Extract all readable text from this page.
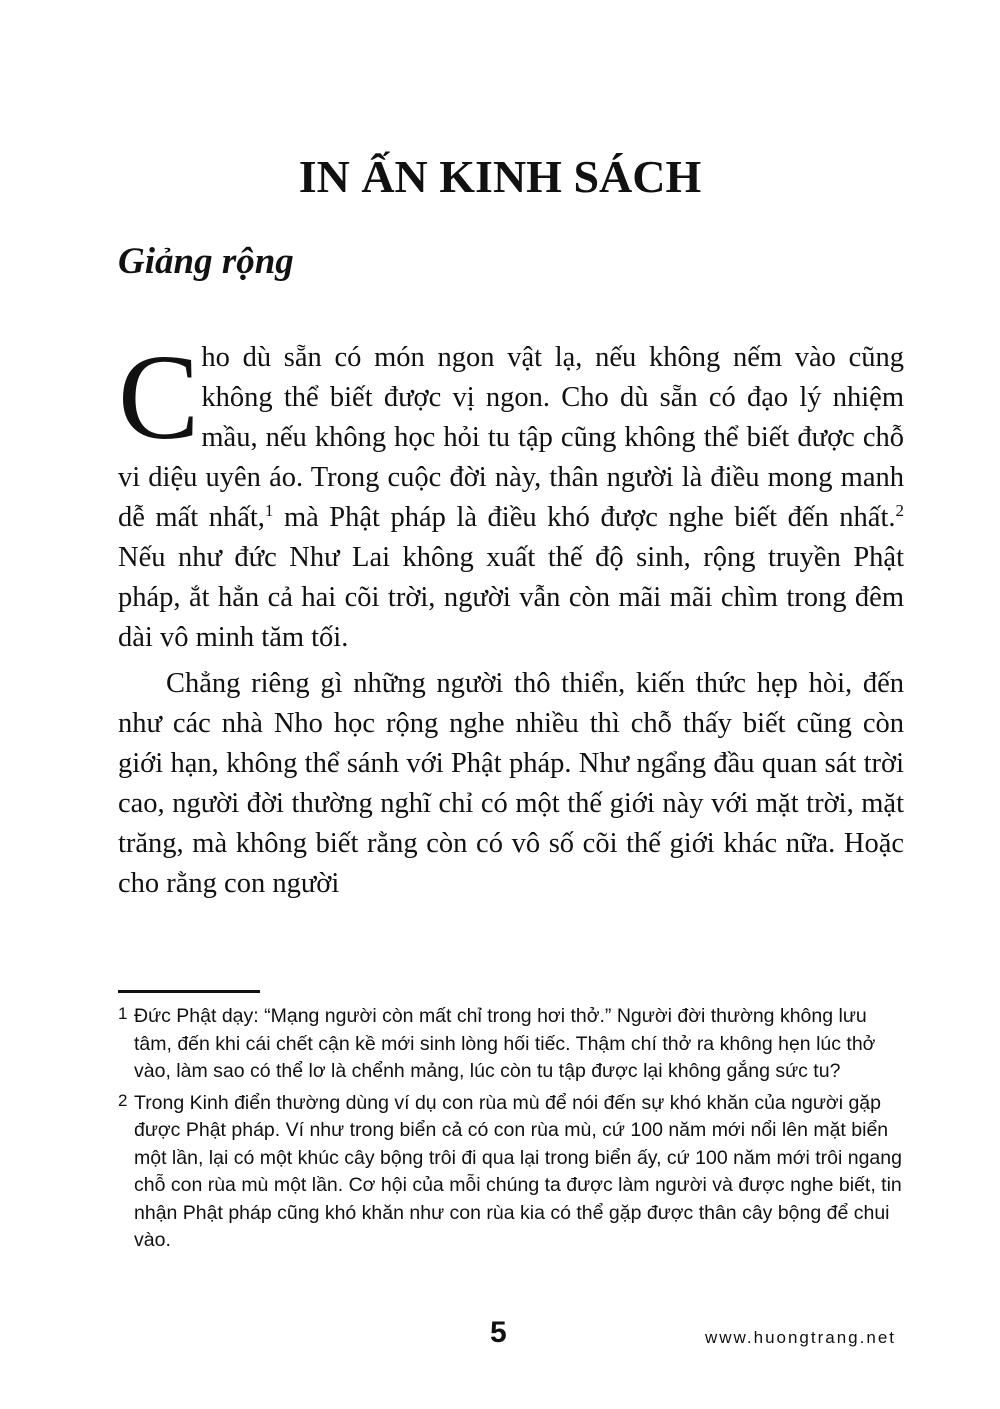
IN ẤN KINH SÁCH
Giảng rộng

Cho dù sẵn có món ngon vật lạ, nếu không nếm vào cũng không thể biết được vị ngon. Cho dù sẵn có đạo lý nhiệm mầu, nếu không học hỏi tu tập cũng không thể biết được chỗ vi diệu uyên áo. Trong cuộc đời này, thân người là điều mong manh dễ mất nhất,$^1$ mà Phật pháp là điều khó được nghe biết đến nhất.$^2$ Nếu như đức Như Lai không xuất thế độ sinh, rộng truyền Phật pháp, ắt hẳn cả hai cõi trời, người vẫn còn mãi mãi chìm trong đêm dài vô minh tăm tối.

Chẳng riêng gì những người thô thiển, kiến thức hẹp hòi, đến như các nhà Nho học rộng nghe nhiều thì chỗ thấy biết cũng còn giới hạn, không thể sánh với Phật pháp. Như ngẩng đầu quan sát trời cao, người đời thường nghĩ chỉ có một thế giới này với mặt trời, mặt trăng, mà không biết rằng còn có vô số cõi thế giới khác nữa. Hoặc cho rằng con người

1 Đức Phật dạy: “Mạng người còn mất chỉ trong hơi thở.” Người đời thường không lưu tâm, đến khi cái chết cận kề mới sinh lòng hối tiếc. Thậm chí thở ra không hẹn lúc thở vào, làm sao có thể lơ là chểnh mảng, lúc còn tu tập được lại không gắng sức tu?

2 Trong Kinh điển thường dùng ví dụ con rùa mù để nói đến sự khó khăn của người gặp được Phật pháp. Ví như trong biển cả có con rùa mù, cứ 100 năm mới nổi lên mặt biển một lần, lại có một khúc cây bộng trôi đi qua lại trong biển ấy, cứ 100 năm mới trôi ngang chỗ con rùa mù một lần. Cơ hội của mỗi chúng ta được làm người và được nghe biết, tin nhận Phật pháp cũng khó khăn như con rùa kia có thể gặp được thân cây bộng để chui vào.

5	www.huongtrang.net
